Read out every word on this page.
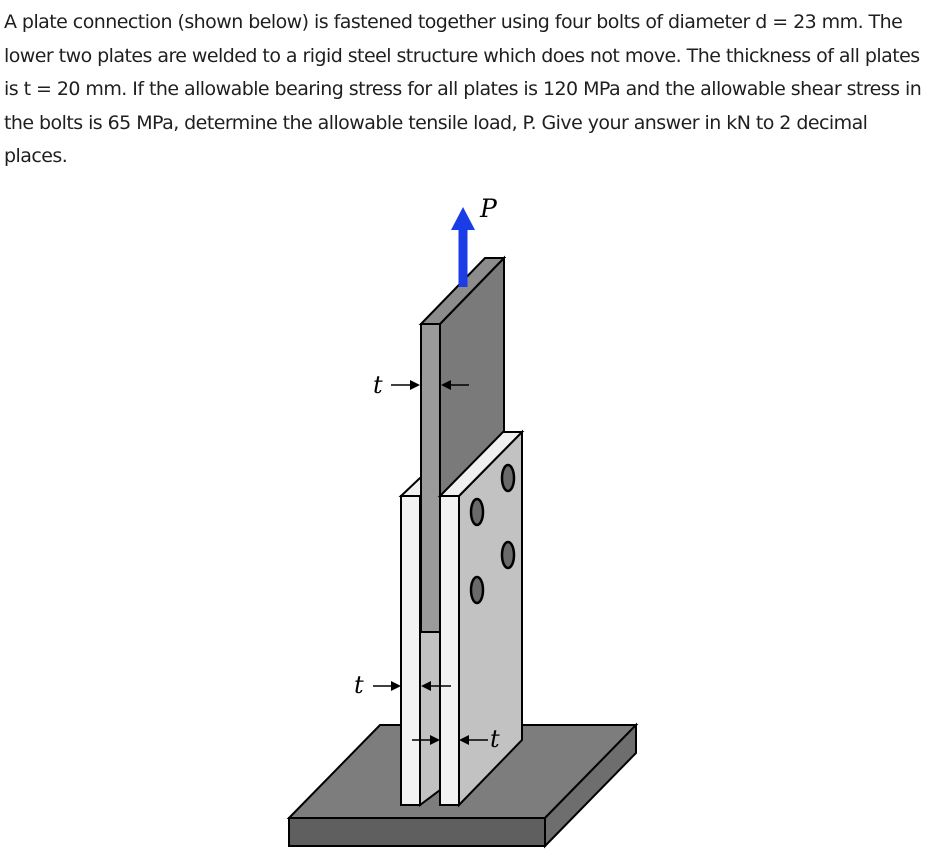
A plate connection (shown below) is fastened together using four bolts of diameter d = 23 mm. The lower two plates are welded to a rigid steel structure which does not move. The thickness of all plates is t = 20 mm. If the allowable bearing stress for all plates is 120 MPa and the allowable shear stress in the bolts is 65 MPa, determine the allowable tensile load, P. Give your answer in kN to 2 decimal places.

P
t
t
t
